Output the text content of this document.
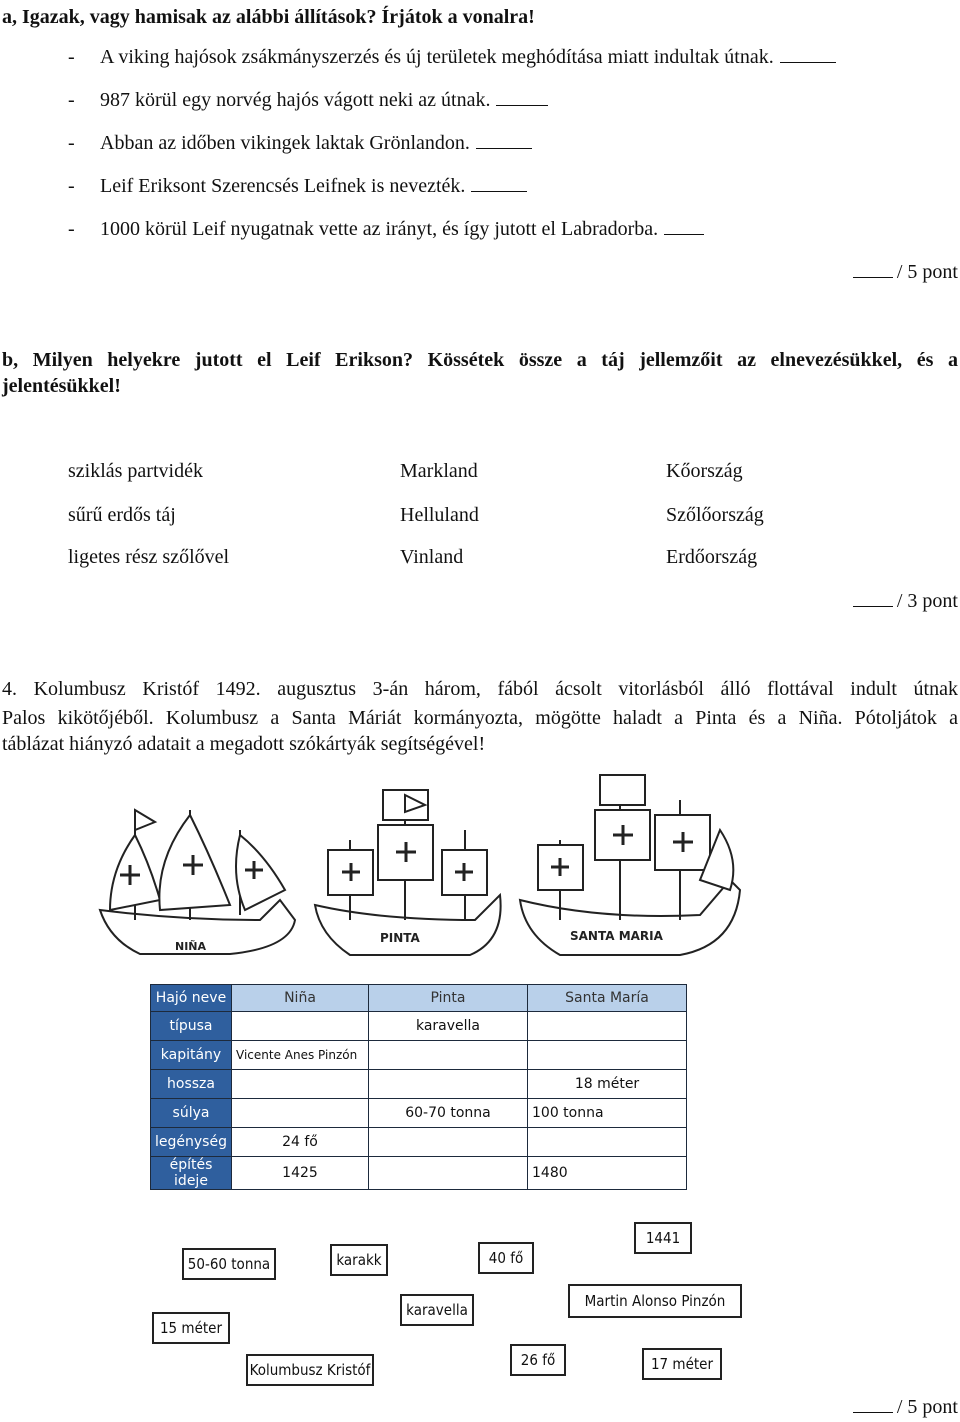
a, Igazak, vagy hamisak az alábbi állítások? Írjátok a vonalra!
- A viking hajósok zsákmányszerzés és új területek meghódítása miatt indultak útnak.
- 987 körül egy norvég hajós vágott neki az útnak.
- Abban az időben vikingek laktak Grönlandon.
- Leif Eriksont Szerencsés Leifnek is nevezték.
- 1000 körül Leif nyugatnak vette az irányt, és így jutott el Labradorba.
/ 5 pont
b, Milyen helyekre jutott el Leif Erikson? Kössétek össze a táj jellemzőit az elnevezésükkel, és a
jelentésükkel!
sziklás partvidék	Markland	Kőország
sűrű erdős táj	Helluland	Szőlőország
ligetes rész szőlővel	Vinland	Erdőország
/ 3 pont
4. Kolumbusz Kristóf 1492. augusztus 3-án három, fából ácsolt vitorlásból álló flottával indult útnak
Palos kikötőjéből. Kolumbusz a Santa Máriát kormányozta, mögötte haladt a Pinta és a Niña. Pótoljátok a
táblázat hiányzó adatait a megadott szókártyák segítségével!
NIÑA
PINTA	SANTA MARIA
Hajó neve	Niña	Pinta	Santa María
típusa		karavella	
kapitány	Vicente Anes Pinzón		
hossza			18 méter
súlya		60-70 tonna	100 tonna
legénység	24 fő		
építés ideje	1425		1480
1441
50-60 tonna	karakk	40 fő
Martin Alonso Pinzón
karavella
15 méter
26 fő	17 méter
Kolumbusz Kristóf
/ 5 pont
